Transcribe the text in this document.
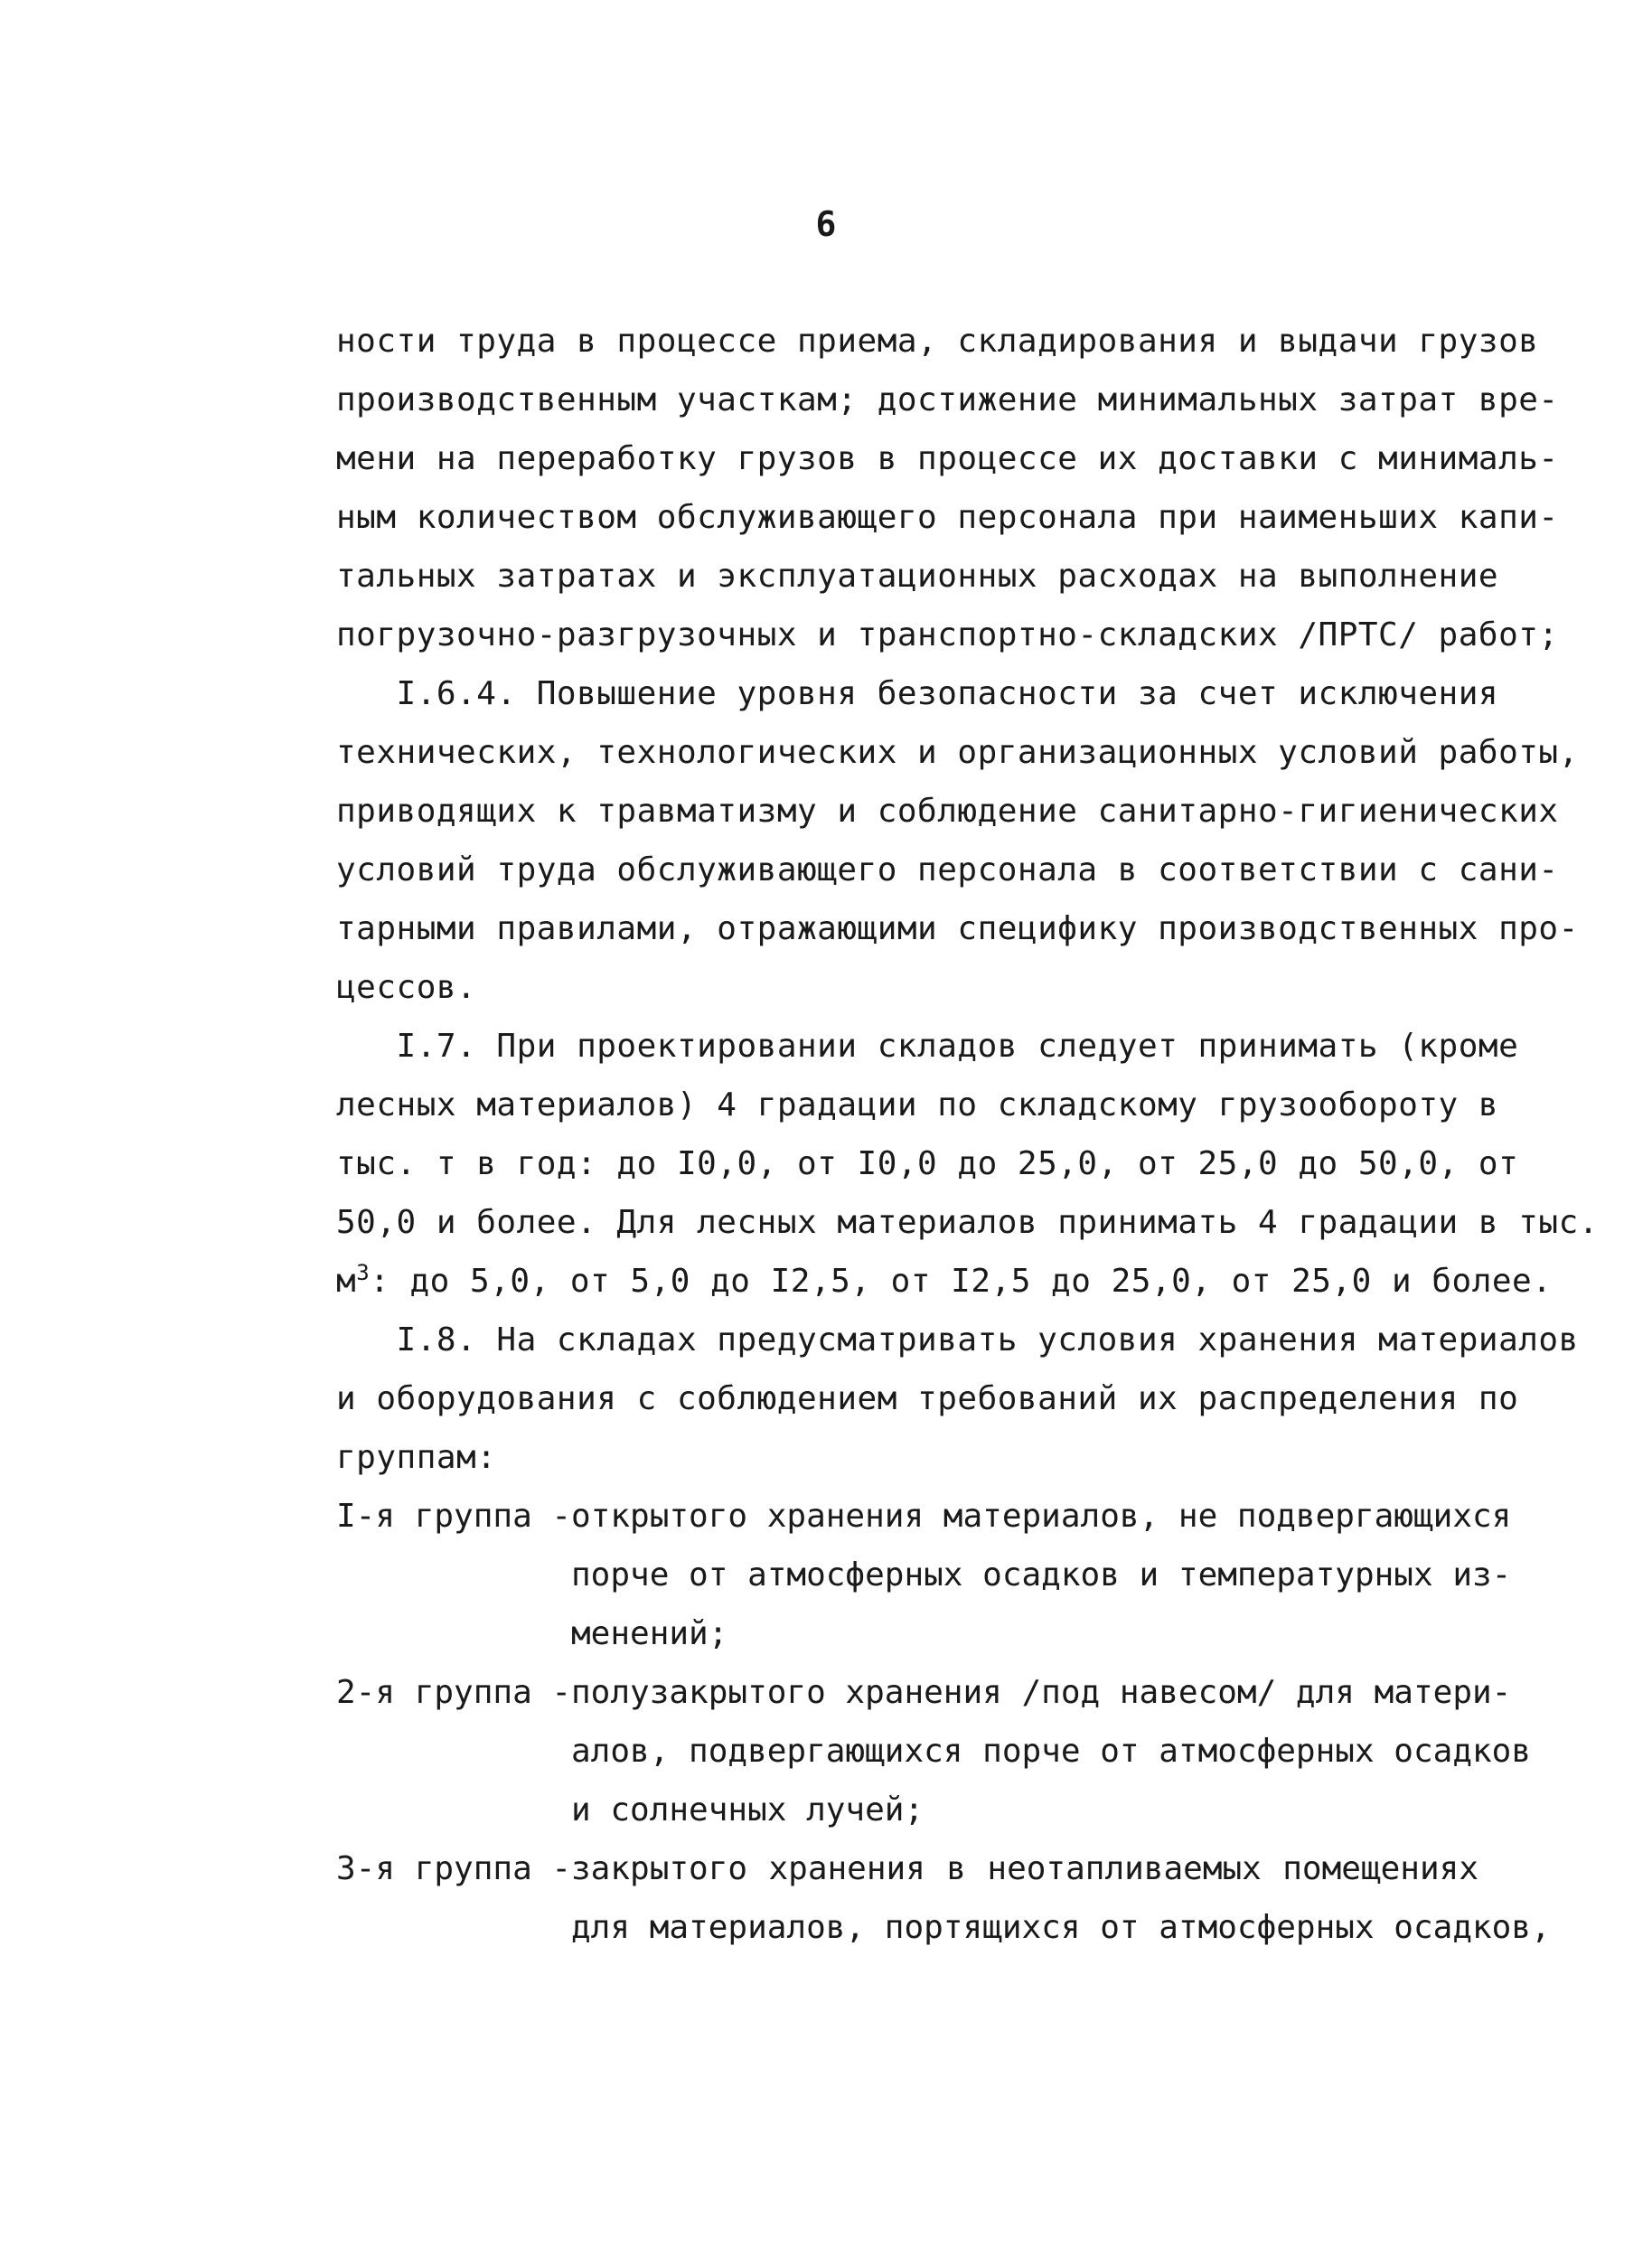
6
ности труда в процессе приема, складирования и выдачи грузов
производственным участкам; достижение минимальных затрат вре-
мени на переработку грузов в процессе их доставки с минималь-
ным количеством обслуживающего персонала при наименьших капи-
тальных затратах и эксплуатационных расходах на выполнение
погрузочно-разгрузочных и транспортно-складских /ПРТС/ работ;
I.6.4. Повышение уровня безопасности за счет исключения
технических, технологических и организационных условий работы,
приводящих к травматизму и соблюдение санитарно-гигиенических
условий труда обслуживающего персонала в соответствии с сани-
тарными правилами, отражающими специфику производственных про-
цессов.
I.7. При проектировании складов следует принимать (кроме
лесных материалов) 4 градации по складскому грузообороту в
тыс. т в год: до I0,0, от I0,0 до 25,0, от 25,0 до 50,0, от
50,0 и более. Для лесных материалов принимать 4 градации в тыс.
$м^3$: до 5,0, от 5,0 до I2,5, от I2,5 до 25,0, от 25,0 и более.
I.8. На складах предусматривать условия хранения материалов
и оборудования с соблюдением требований их распределения по
группам:
I-я группа - открытого хранения материалов, не подвергающихся
порче от атмосферных осадков и температурных из-
менений;
2-я группа - полузакрытого хранения /под навесом/ для матери-
алов, подвергающихся порче от атмосферных осадков
и солнечных лучей;
3-я группа - закрытого хранения в неотапливаемых помещениях
для материалов, портящихся от атмосферных осадков,
